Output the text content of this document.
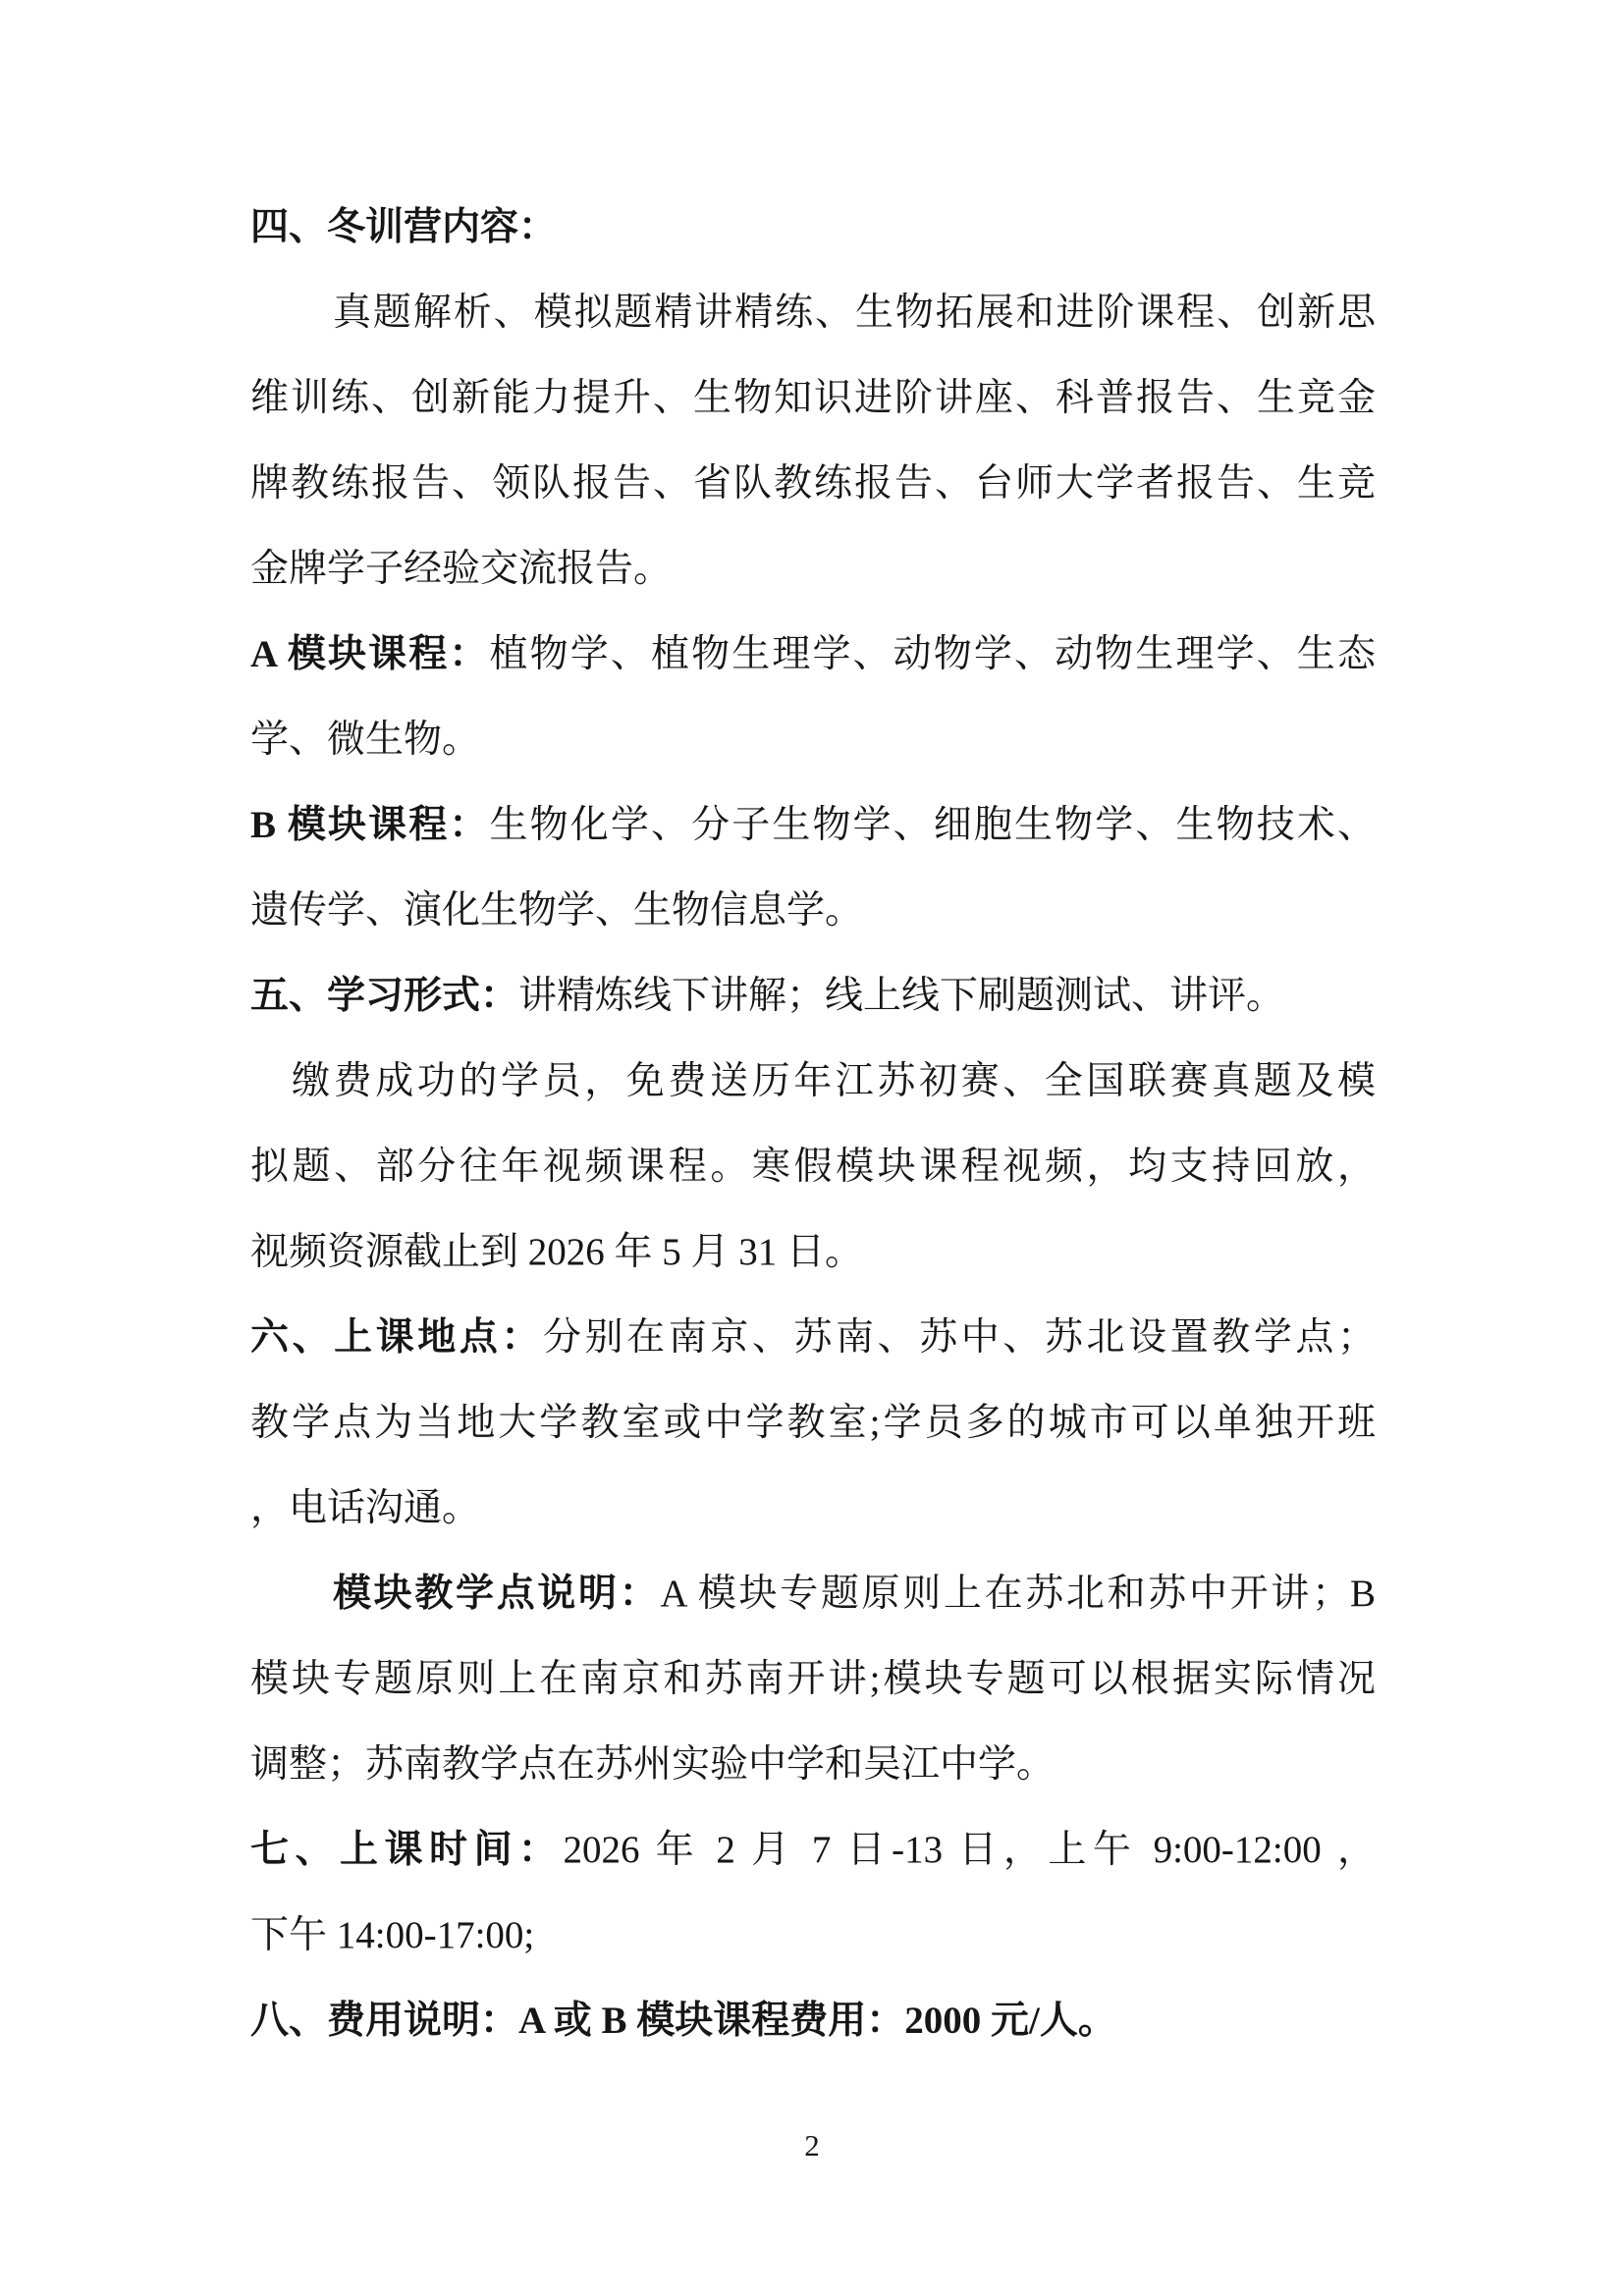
四、冬训营内容：
真题解析、模拟题精讲精练、生物拓展和进阶课程、创新思
维训练、创新能力提升、生物知识进阶讲座、科普报告、生竞金
牌教练报告、领队报告、省队教练报告、台师大学者报告、生竞
金牌学子经验交流报告。
A 模块课程：植物学、植物生理学、动物学、动物生理学、生态
学、微生物。
B 模块课程：生物化学、分子生物学、细胞生物学、生物技术、
遗传学、演化生物学、生物信息学。
五、学习形式：讲精炼线下讲解；线上线下刷题测试、讲评。
缴费成功的学员，免费送历年江苏初赛、全国联赛真题及模
拟题、部分往年视频课程。寒假模块课程视频，均支持回放，
视频资源截止到 2026 年 5 月 31 日。
六、上课地点：分别在南京、苏南、苏中、苏北设置教学点；
教学点为当地大学教室或中学教室;学员多的城市可以单独开班
，电话沟通。
模块教学点说明：A 模块专题原则上在苏北和苏中开讲；B
模块专题原则上在南京和苏南开讲;模块专题可以根据实际情况
调整；苏南教学点在苏州实验中学和吴江中学。
七、上课时间：2026 年 2 月 7 日-13 日，上午 9:00-12:00 ，
下午 14:00-17:00;
八、费用说明：A 或 B 模块课程费用：2000 元/人。
2
